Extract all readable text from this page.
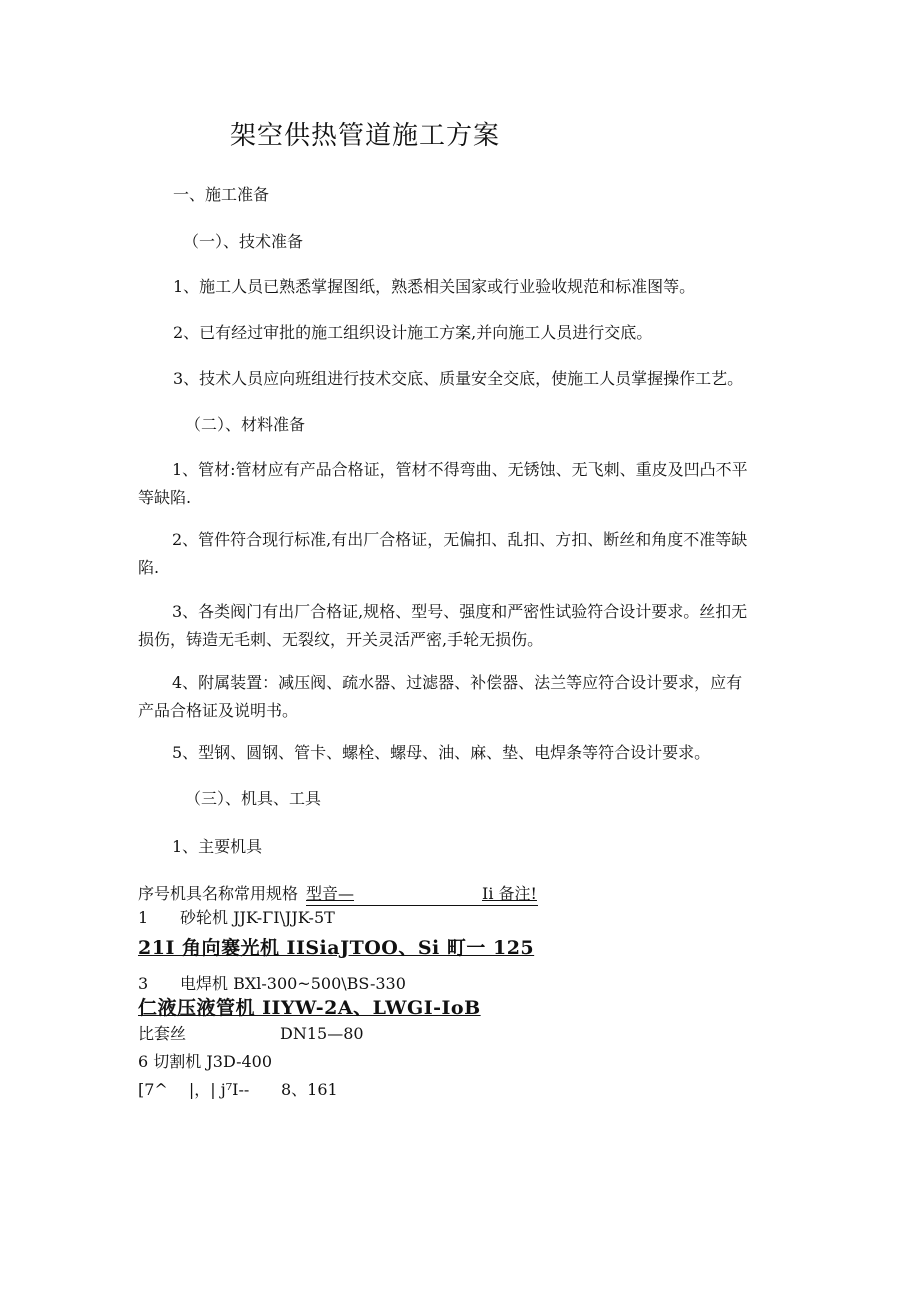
架空供热管道施工方案
一、施工准备
（一）、技术准备
1、施工人员已熟悉掌握图纸，熟悉相关国家或行业验收规范和标准图等。
2、已有经过审批的施工组织设计施工方案,并向施工人员进行交底。
3、技术人员应向班组进行技术交底、质量安全交底，使施工人员掌握操作工艺。
（二）、材料准备
1、管材:管材应有产品合格证，管材不得弯曲、无锈蚀、无飞刺、重皮及凹凸不平等缺陷.
2、管件符合现行标准,有出厂合格证，无偏扣、乱扣、方扣、断丝和角度不准等缺陷.
3、各类阀门有出厂合格证,规格、型号、强度和严密性试验符合设计要求。丝扣无损伤，铸造无毛刺、无裂纹，开关灵活严密,手轮无损伤。
4、附属装置：减压阀、疏水器、过滤器、补偿器、法兰等应符合设计要求，应有产品合格证及说明书。
5、型钢、圆钢、管卡、螺栓、螺母、油、麻、垫、电焊条等符合设计要求。
（三）、机具、工具
1、主要机具
序号机具名称常用规格 型音—	Ii 备注!
1 砂轮机 JJK-ΓI\JJK-5T
21I 角向褰光机 IISiaJTOO、Si 町一 125
3 电焊机 BXl-300~500\BS-330
仁液压液管机 IIYW-2A、LWGI-IoB
比套丝	DN15—80
6 切割机 J3D-400
[7^　 |，| j⁷I-- 8、161
